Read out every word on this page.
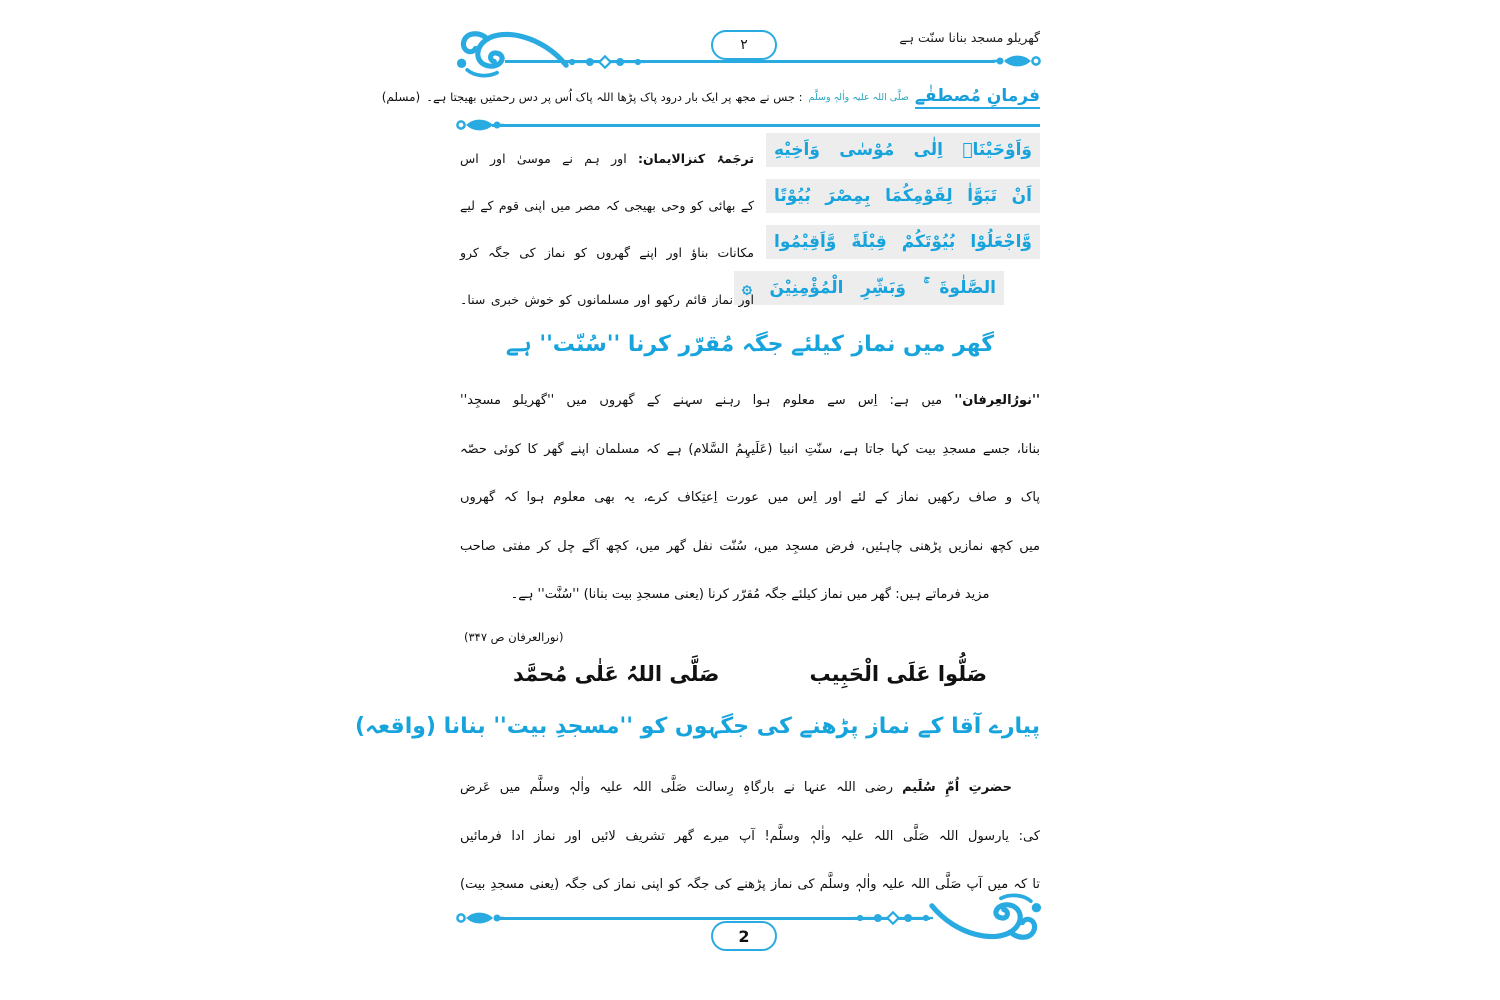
گھریلو مسجد بنانا سنّت ہے
٢
فرمانِ مُصطفٰے
صلَّی اللہ علیہ واٰلہٖ وسلَّم
: جس نے مجھ پر ایک بار درود پاک پڑھا اللہ پاک اُس پر دس رحمتیں بھیجتا ہے۔
(مسلم)
وَاَوْحَيْنَاۤ اِلٰى مُوْسٰى وَاَخِيْهِ
اَنْ تَبَوَّاٰ لِقَوْمِكُمَا بِمِصْرَ بُيُوْتًا
وَّاجْعَلُوْا بُيُوْتَكُمْ قِبْلَةً وَّاَقِيْمُوا
الصَّلٰوةَ ۚ وَبَشِّرِ الْمُؤْمِنِيْنَ ۞
ترجَمۂ کنزالایمان: اور ہم نے موسیٰ اور اس
کے بھائی کو وحی بھیجی کہ مصر میں اپنی قوم کے لیے
مکانات بناؤ اور اپنے گھروں کو نماز کی جگہ کرو
اور نماز قائم رکھو اور مسلمانوں کو خوش خبری سنا۔
گھر میں نماز کیلئے جگہ مُقرّر کرنا ''سُنّت'' ہے
''نورُالعِرفان'' میں ہے: اِس سے معلوم ہوا رہنے سہنے کے گھروں میں ''گھریلو مسجِد''
بنانا، جسے مسجدِ بیت کہا جاتا ہے، سنّتِ انبیا (عَلَیہِمُ السَّلام) ہے کہ مسلمان اپنے گھر کا کوئی حصّہ
پاک و صاف رکھیں نماز کے لئے اور اِس میں عورت اِعتِکاف کرے، یہ بھی معلوم ہوا کہ گھروں
میں کچھ نمازیں پڑھنی چاہئیں، فرض مسجِد میں، سُنّت نفل گھر میں، کچھ آگے چل کر مفتی صاحب
مزید فرماتے ہیں: گھر میں نماز کیلئے جگہ مُقرّر کرنا (یعنی مسجدِ بیت بنانا) ''سُنَّت'' ہے۔
(نورالعرفان ص ۳۴۷)
صَلُّوا عَلَی الْحَبِیب
صَلَّی اللہُ عَلٰی مُحمَّد
پیارے آقا کے نماز پڑھنے کی جگہوں کو ''مسجدِ بیت'' بنانا (واقعہ)
حضرتِ اُمِّ سُلَیم رضی اللہ عنہا نے بارگاہِ رِسالت صَلَّی اللہ علیہ واٰلہٖ وسلَّم میں عَرض
کی: یارسول اللہ صَلَّی اللہ علیہ واٰلہٖ وسلَّم! آپ میرے گھر تشریف لائیں اور نماز ادا فرمائیں
تا کہ میں آپ صَلَّی اللہ علیہ واٰلہٖ وسلَّم کی نماز پڑھنے کی جگہ کو اپنی نماز کی جگہ (یعنی مسجدِ بیت)
2
